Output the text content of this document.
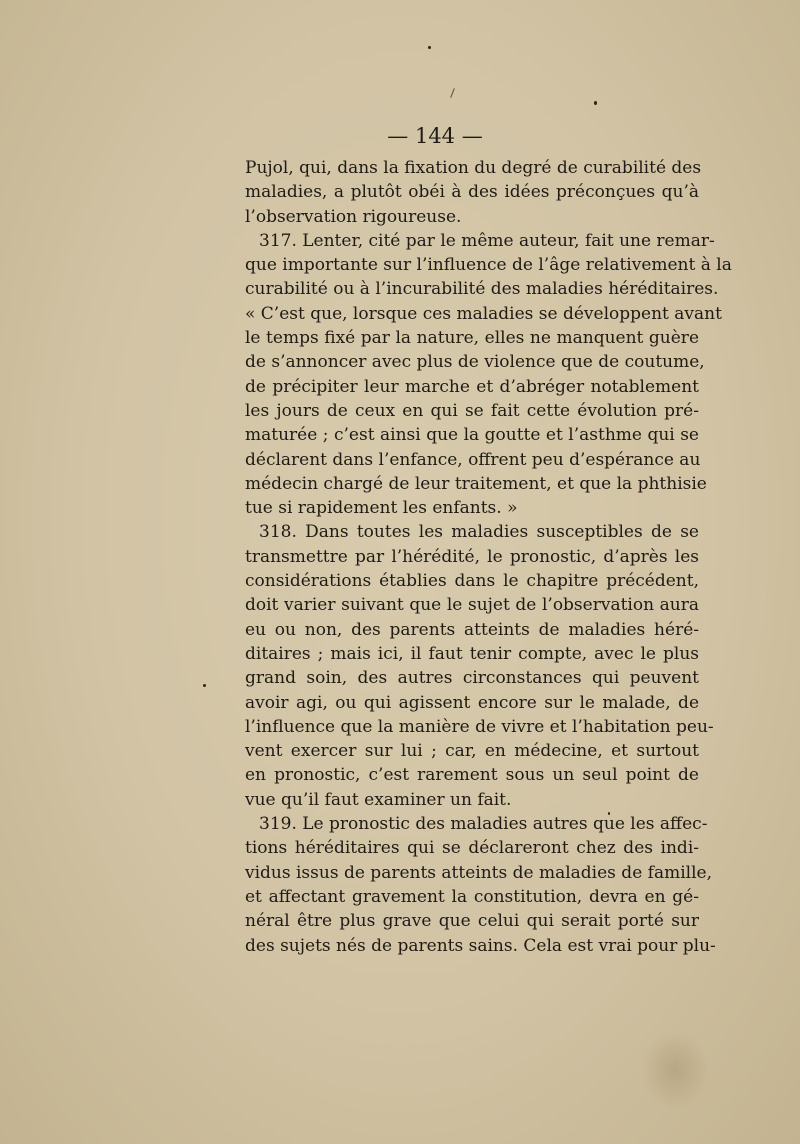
— 144 —
Pujol, qui, dans la fixation du degré de curabilité des
maladies, a plutôt obéi à des idées préconçues qu’à
l’observation rigoureuse.
317. Lenter, cité par le même auteur, fait une remar-
que importante sur l’influence de l’âge relativement à la
curabilité ou à l’incurabilité des maladies héréditaires.
« C’est que, lorsque ces maladies se développent avant
le temps fixé par la nature, elles ne manquent guère
de s’annoncer avec plus de violence que de coutume,
de précipiter leur marche et d’abréger notablement
les jours de ceux en qui se fait cette évolution pré-
maturée ; c’est ainsi que la goutte et l’asthme qui se
déclarent dans l’enfance, offrent peu d’espérance au
médecin chargé de leur traitement, et que la phthisie
tue si rapidement les enfants. »
318. Dans toutes les maladies susceptibles de se
transmettre par l’hérédité, le pronostic, d’après les
considérations établies dans le chapitre précédent,
doit varier suivant que le sujet de l’observation aura
eu ou non, des parents atteints de maladies héré-
ditaires ; mais ici, il faut tenir compte, avec le plus
grand soin, des autres circonstances qui peuvent
avoir agi, ou qui agissent encore sur le malade, de
l’influence que la manière de vivre et l’habitation peu-
vent exercer sur lui ; car, en médecine, et surtout
en pronostic, c’est rarement sous un seul point de
vue qu’il faut examiner un fait.
319. Le pronostic des maladies autres que les affec-
tions héréditaires qui se déclareront chez des indi-
vidus issus de parents atteints de maladies de famille,
et affectant gravement la constitution, devra en gé-
néral être plus grave que celui qui serait porté sur
des sujets nés de parents sains. Cela est vrai pour plu-
